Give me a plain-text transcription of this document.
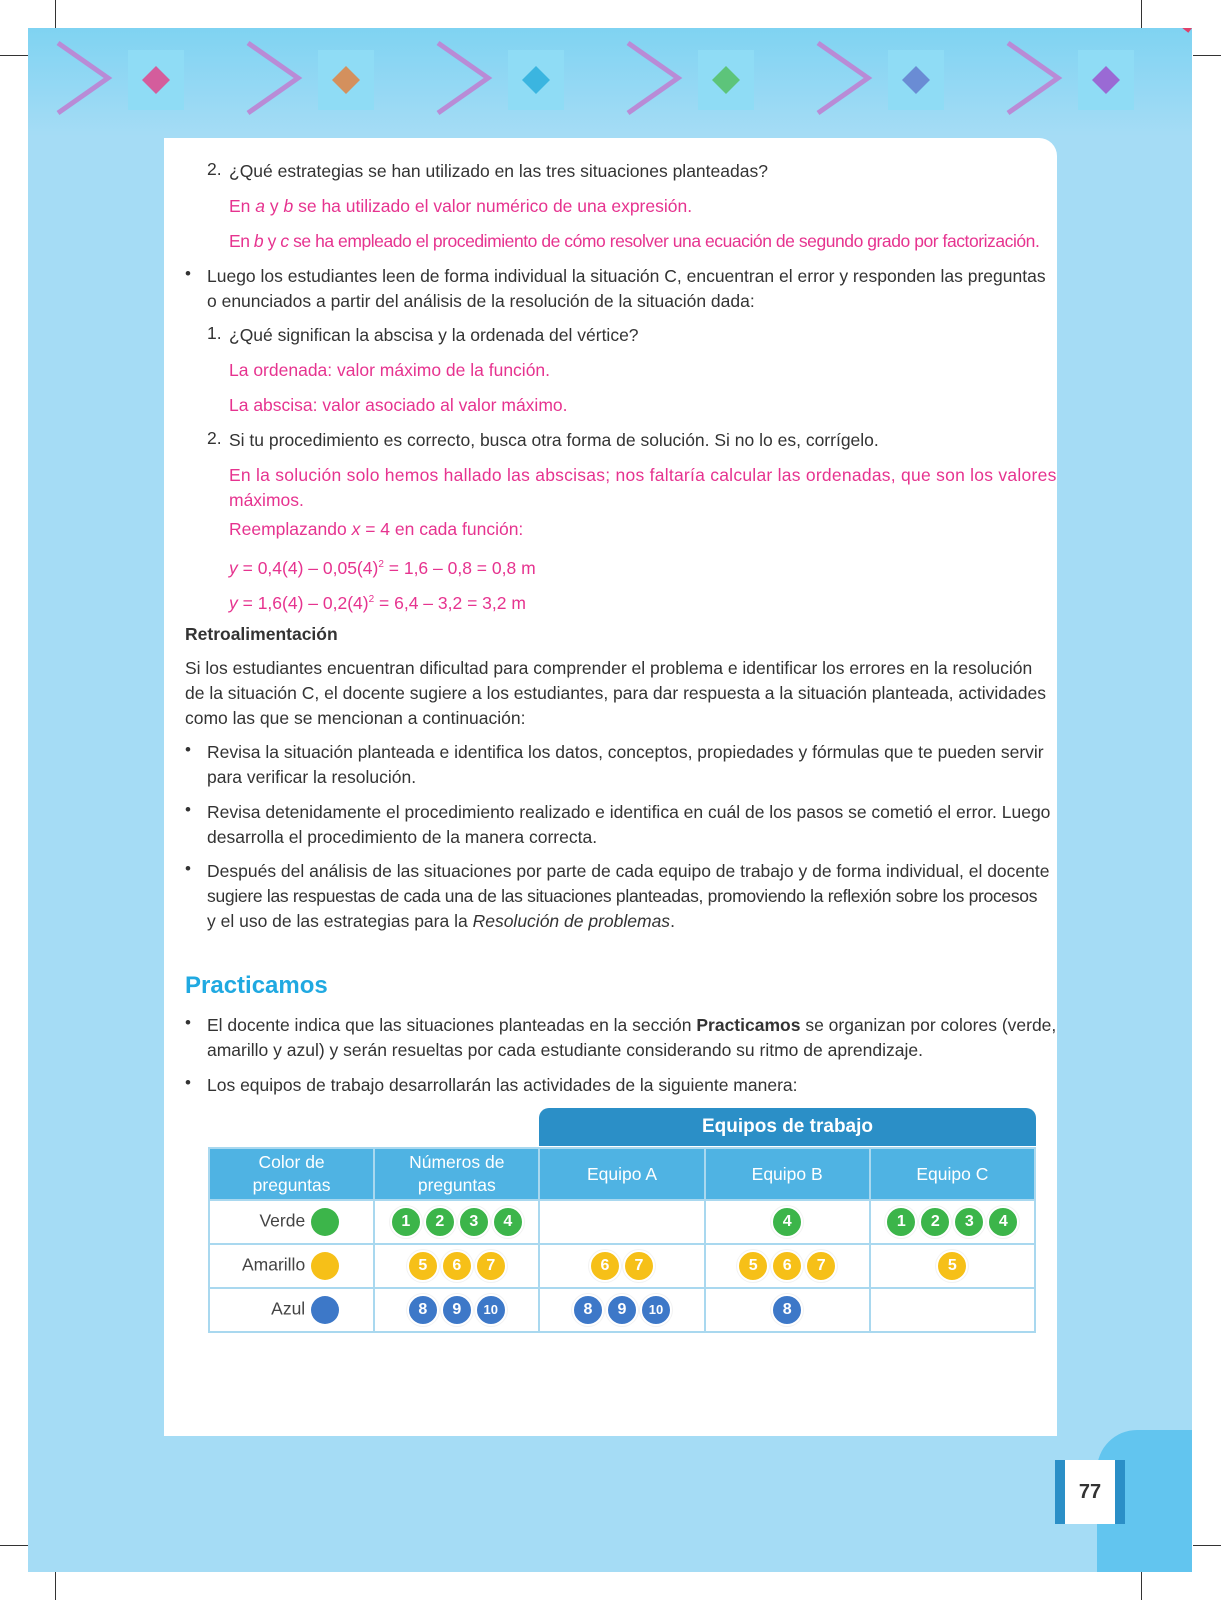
2. ¿Qué estrategias se han utilizado en las tres situaciones planteadas?
En a y b se ha utilizado el valor numérico de una expresión.
En b y c se ha empleado el procedimiento de cómo resolver una ecuación de segundo grado por factorización.
• Luego los estudiantes leen de forma individual la situación C, encuentran el error y responden las preguntas
o enunciados a partir del análisis de la resolución de la situación dada:
1. ¿Qué significan la abscisa y la ordenada del vértice?
La ordenada: valor máximo de la función.
La abscisa: valor asociado al valor máximo.
2. Si tu procedimiento es correcto, busca otra forma de solución. Si no lo es, corrígelo.
En la solución solo hemos hallado las abscisas; nos faltaría calcular las ordenadas, que son los valores
máximos.
Reemplazando x = 4 en cada función:
$y = 0,4(4) - 0,05(4)^2 = 1,6 - 0,8 = 0,8$ m
$y = 1,6(4) - 0,2(4)^2 = 6,4 - 3,2 = 3,2$ m
Retroalimentación
Si los estudiantes encuentran dificultad para comprender el problema e identificar los errores en la resolución
de la situación C, el docente sugiere a los estudiantes, para dar respuesta a la situación planteada, actividades
como las que se mencionan a continuación:
• Revisa la situación planteada e identifica los datos, conceptos, propiedades y fórmulas que te pueden servir
para verificar la resolución.
• Revisa detenidamente el procedimiento realizado e identifica en cuál de los pasos se cometió el error. Luego
desarrolla el procedimiento de la manera correcta.
• Después del análisis de las situaciones por parte de cada equipo de trabajo y de forma individual, el docente
sugiere las respuestas de cada una de las situaciones planteadas, promoviendo la reflexión sobre los procesos
y el uso de las estrategias para la Resolución de problemas.
Practicamos
• El docente indica que las situaciones planteadas en la sección Practicamos se organizan por colores (verde,
amarillo y azul) y serán resueltas por cada estudiante considerando su ritmo de aprendizaje.
• Los equipos de trabajo desarrollarán las actividades de la siguiente manera:
Equipos de trabajo
Color de
preguntas	Números de
preguntas	Equipo A	Equipo B	Equipo C
Verde	1 2 3 4		4	1 2 3 4
Amarillo	5 6 7	6 7	5 6 7	5
Azul	8 9 10	8 9 10	8	
77
